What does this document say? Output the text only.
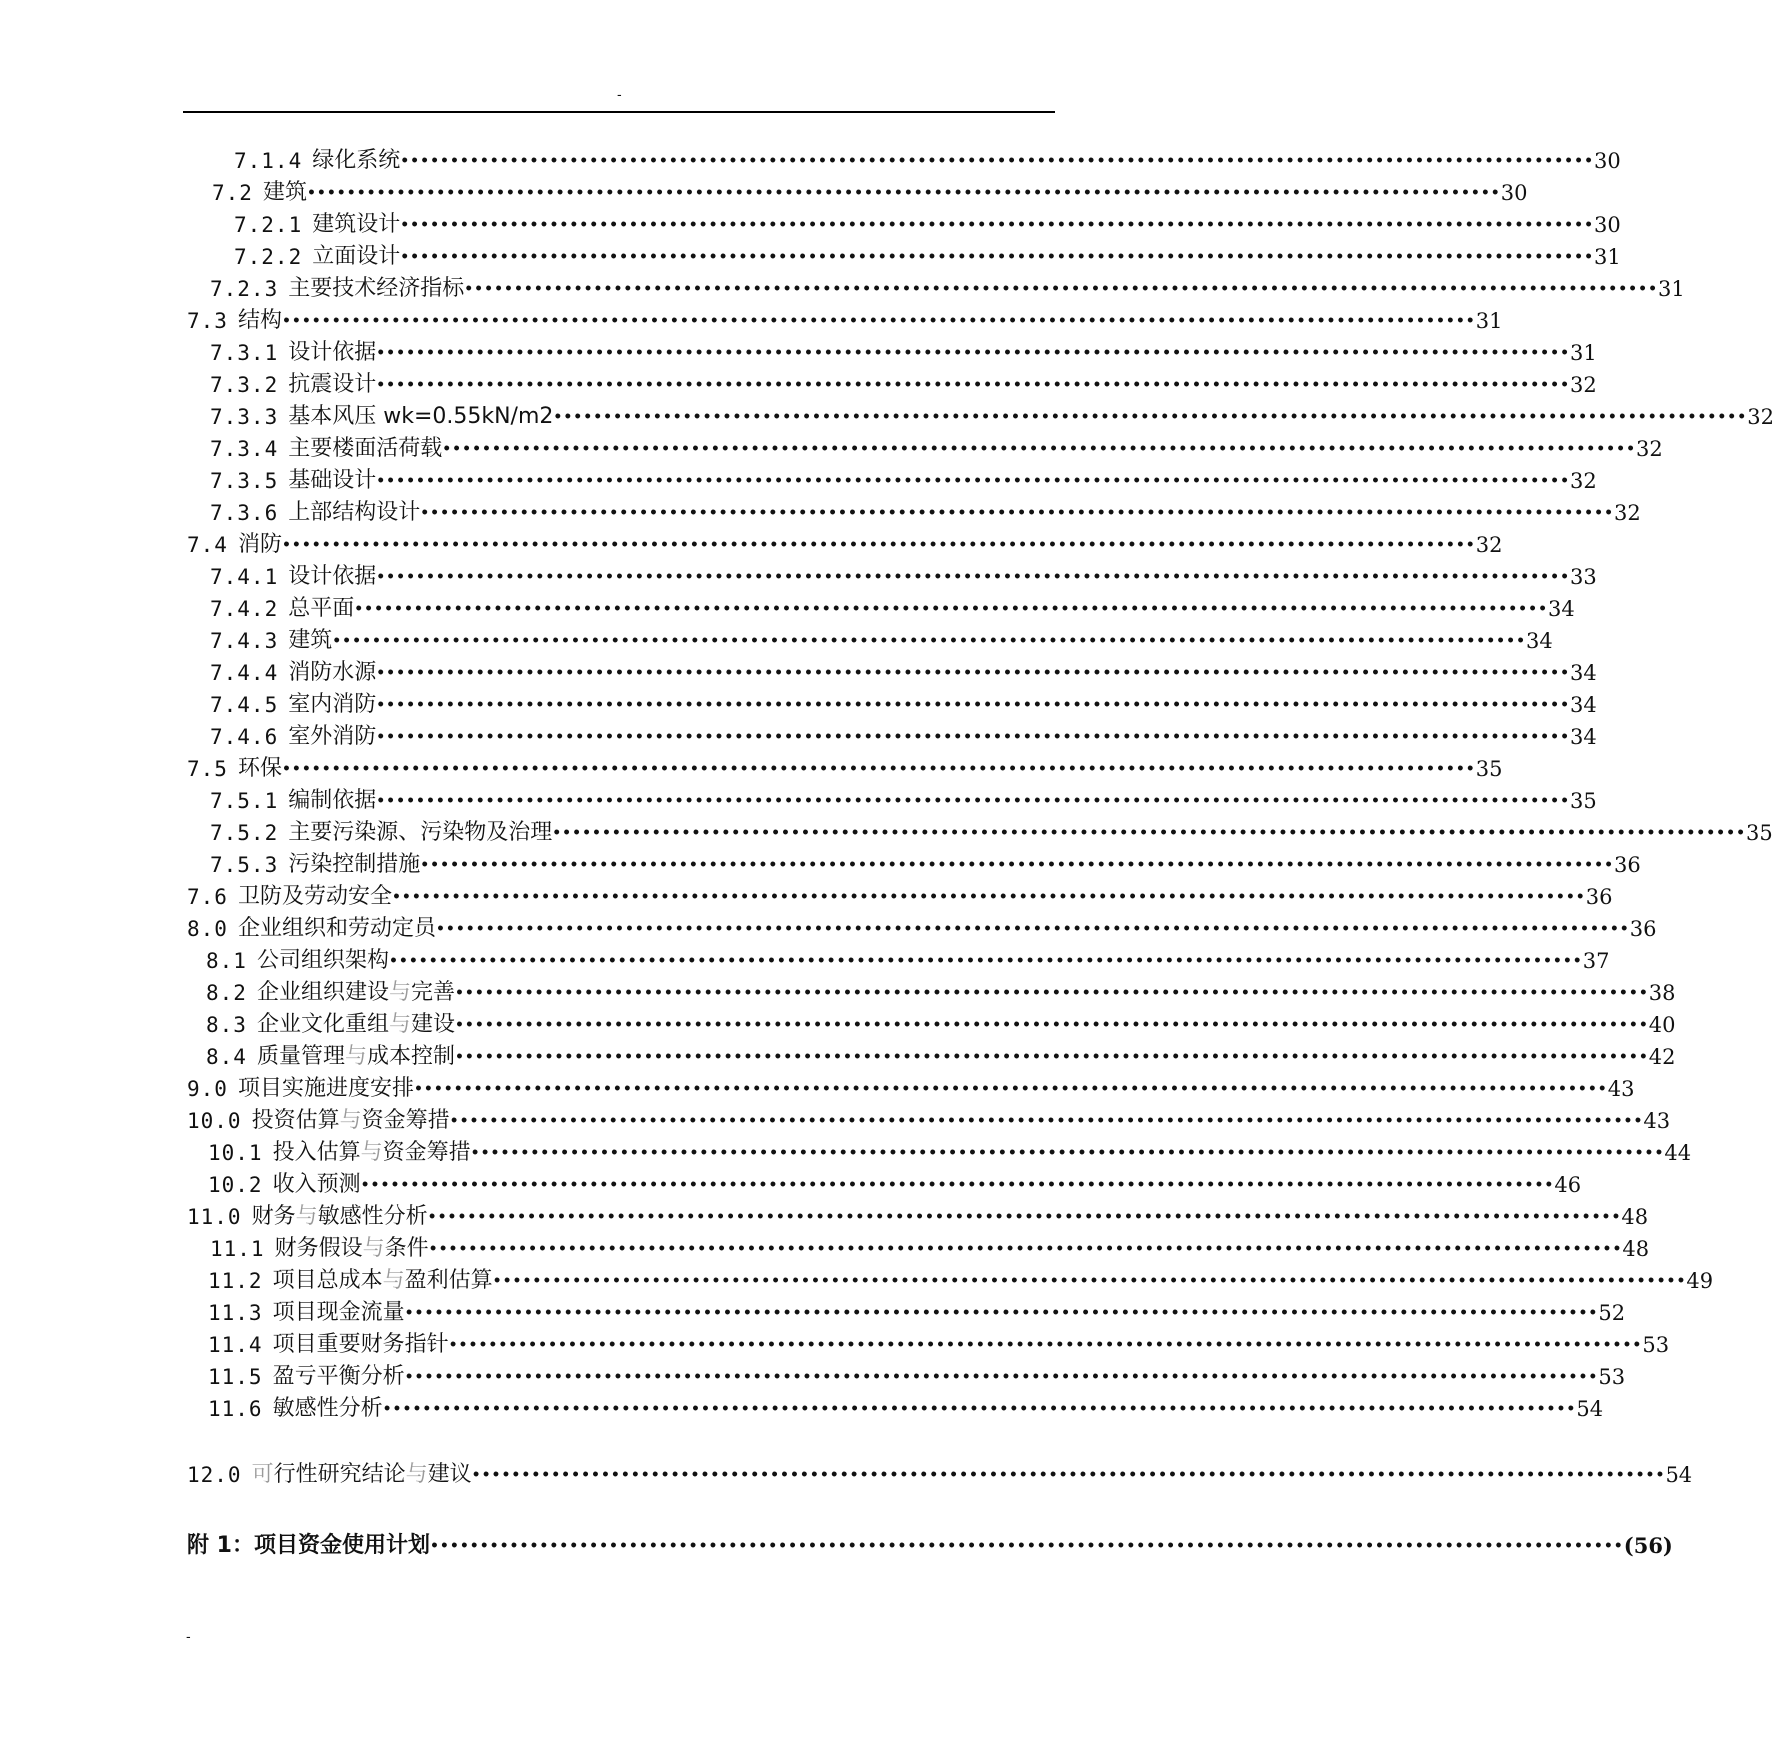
-
7.1.4 绿化系统 •••••••••••••••••••••••••••••••••••••••••••••••••••••••••••••••••••••••••••••••••••••••••••••••••••••••••••••••••••••••• 30
7.2 建筑 •••••••••••••••••••••••••••••••••••••••••••••••••••••••••••••••••••••••••••••••••••••••••••••••••••••••••••••••••••••••• 30
7.2.1 建筑设计 •••••••••••••••••••••••••••••••••••••••••••••••••••••••••••••••••••••••••••••••••••••••••••••••••••••••••••••••••••••••• 30
7.2.2 立面设计 •••••••••••••••••••••••••••••••••••••••••••••••••••••••••••••••••••••••••••••••••••••••••••••••••••••••••••••••••••••••• 31
7.2.3 主要技术经济指标 •••••••••••••••••••••••••••••••••••••••••••••••••••••••••••••••••••••••••••••••••••••••••••••••••••••••••••••••••••••••• 31
7.3 结构 •••••••••••••••••••••••••••••••••••••••••••••••••••••••••••••••••••••••••••••••••••••••••••••••••••••••••••••••••••••••• 31
7.3.1 设计依据 •••••••••••••••••••••••••••••••••••••••••••••••••••••••••••••••••••••••••••••••••••••••••••••••••••••••••••••••••••••••• 31
7.3.2 抗震设计 •••••••••••••••••••••••••••••••••••••••••••••••••••••••••••••••••••••••••••••••••••••••••••••••••••••••••••••••••••••••• 32
7.3.3 基本风压 wk=0.55kN/m2 •••••••••••••••••••••••••••••••••••••••••••••••••••••••••••••••••••••••••••••••••••••••••••••••••••••••••••••••••••••••• 32
7.3.4 主要楼面活荷载 •••••••••••••••••••••••••••••••••••••••••••••••••••••••••••••••••••••••••••••••••••••••••••••••••••••••••••••••••••••••• 32
7.3.5 基础设计 •••••••••••••••••••••••••••••••••••••••••••••••••••••••••••••••••••••••••••••••••••••••••••••••••••••••••••••••••••••••• 32
7.3.6 上部结构设计 •••••••••••••••••••••••••••••••••••••••••••••••••••••••••••••••••••••••••••••••••••••••••••••••••••••••••••••••••••••••• 32
7.4 消防 •••••••••••••••••••••••••••••••••••••••••••••••••••••••••••••••••••••••••••••••••••••••••••••••••••••••••••••••••••••••• 32
7.4.1 设计依据 •••••••••••••••••••••••••••••••••••••••••••••••••••••••••••••••••••••••••••••••••••••••••••••••••••••••••••••••••••••••• 33
7.4.2 总平面 •••••••••••••••••••••••••••••••••••••••••••••••••••••••••••••••••••••••••••••••••••••••••••••••••••••••••••••••••••••••• 34
7.4.3 建筑 •••••••••••••••••••••••••••••••••••••••••••••••••••••••••••••••••••••••••••••••••••••••••••••••••••••••••••••••••••••••• 34
7.4.4 消防水源 •••••••••••••••••••••••••••••••••••••••••••••••••••••••••••••••••••••••••••••••••••••••••••••••••••••••••••••••••••••••• 34
7.4.5 室内消防 •••••••••••••••••••••••••••••••••••••••••••••••••••••••••••••••••••••••••••••••••••••••••••••••••••••••••••••••••••••••• 34
7.4.6 室外消防 •••••••••••••••••••••••••••••••••••••••••••••••••••••••••••••••••••••••••••••••••••••••••••••••••••••••••••••••••••••••• 34
7.5 环保 •••••••••••••••••••••••••••••••••••••••••••••••••••••••••••••••••••••••••••••••••••••••••••••••••••••••••••••••••••••••• 35
7.5.1 编制依据 •••••••••••••••••••••••••••••••••••••••••••••••••••••••••••••••••••••••••••••••••••••••••••••••••••••••••••••••••••••••• 35
7.5.2 主要污染源、污染物及治理 •••••••••••••••••••••••••••••••••••••••••••••••••••••••••••••••••••••••••••••••••••••••••••••••••••••••••••••••••••••••• 35
7.5.3 污染控制措施 •••••••••••••••••••••••••••••••••••••••••••••••••••••••••••••••••••••••••••••••••••••••••••••••••••••••••••••••••••••••• 36
7.6 卫防及劳动安全 •••••••••••••••••••••••••••••••••••••••••••••••••••••••••••••••••••••••••••••••••••••••••••••••••••••••••••••••••••••••• 36
8.0 企业组织和劳动定员 •••••••••••••••••••••••••••••••••••••••••••••••••••••••••••••••••••••••••••••••••••••••••••••••••••••••••••••••••••••••• 36
8.1 公司组织架构 •••••••••••••••••••••••••••••••••••••••••••••••••••••••••••••••••••••••••••••••••••••••••••••••••••••••••••••••••••••••• 37
8.2 企业组织建设与完善 •••••••••••••••••••••••••••••••••••••••••••••••••••••••••••••••••••••••••••••••••••••••••••••••••••••••••••••••••••••••• 38
8.3 企业文化重组与建设 •••••••••••••••••••••••••••••••••••••••••••••••••••••••••••••••••••••••••••••••••••••••••••••••••••••••••••••••••••••••• 40
8.4 质量管理与成本控制 •••••••••••••••••••••••••••••••••••••••••••••••••••••••••••••••••••••••••••••••••••••••••••••••••••••••••••••••••••••••• 42
9.0 项目实施进度安排 •••••••••••••••••••••••••••••••••••••••••••••••••••••••••••••••••••••••••••••••••••••••••••••••••••••••••••••••••••••••• 43
10.0 投资估算与资金筹措 •••••••••••••••••••••••••••••••••••••••••••••••••••••••••••••••••••••••••••••••••••••••••••••••••••••••••••••••••••••••• 43
10.1 投入估算与资金筹措 •••••••••••••••••••••••••••••••••••••••••••••••••••••••••••••••••••••••••••••••••••••••••••••••••••••••••••••••••••••••• 44
10.2 收入预测 •••••••••••••••••••••••••••••••••••••••••••••••••••••••••••••••••••••••••••••••••••••••••••••••••••••••••••••••••••••••• 46
11.0 财务与敏感性分析 •••••••••••••••••••••••••••••••••••••••••••••••••••••••••••••••••••••••••••••••••••••••••••••••••••••••••••••••••••••••• 48
11.1 财务假设与条件 •••••••••••••••••••••••••••••••••••••••••••••••••••••••••••••••••••••••••••••••••••••••••••••••••••••••••••••••••••••••• 48
11.2 项目总成本与盈利估算 •••••••••••••••••••••••••••••••••••••••••••••••••••••••••••••••••••••••••••••••••••••••••••••••••••••••••••••••••••••••• 49
11.3 项目现金流量 •••••••••••••••••••••••••••••••••••••••••••••••••••••••••••••••••••••••••••••••••••••••••••••••••••••••••••••••••••••••• 52
11.4 项目重要财务指针 •••••••••••••••••••••••••••••••••••••••••••••••••••••••••••••••••••••••••••••••••••••••••••••••••••••••••••••••••••••••• 53
11.5 盈亏平衡分析 •••••••••••••••••••••••••••••••••••••••••••••••••••••••••••••••••••••••••••••••••••••••••••••••••••••••••••••••••••••••• 53
11.6 敏感性分析 •••••••••••••••••••••••••••••••••••••••••••••••••••••••••••••••••••••••••••••••••••••••••••••••••••••••••••••••••••••••• 54
12.0 可行性研究结论与建议 •••••••••••••••••••••••••••••••••••••••••••••••••••••••••••••••••••••••••••••••••••••••••••••••••••••••••••••••••••••••• 54
附 1：项目资金使用计划 •••••••••••••••••••••••••••••••••••••••••••••••••••••••••••••••••••••••••••••••••••••••••••••••••••••••••••••••••••••••• (56)
-
